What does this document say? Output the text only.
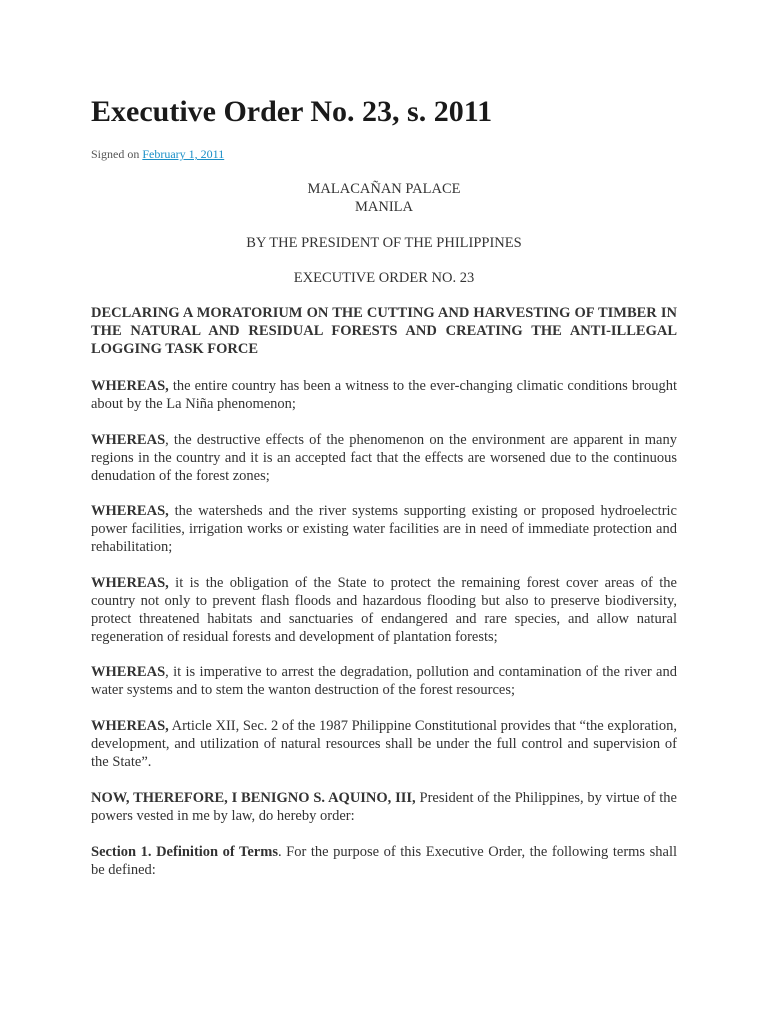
Executive Order No. 23, s. 2011
Signed on February 1, 2011
MALACAÑAN PALACE
MANILA
BY THE PRESIDENT OF THE PHILIPPINES
EXECUTIVE ORDER NO. 23

DECLARING A MORATORIUM ON THE CUTTING AND HARVESTING OF TIMBER IN THE NATURAL AND RESIDUAL FORESTS AND CREATING THE ANTI-ILLEGAL LOGGING TASK FORCE

WHEREAS, the entire country has been a witness to the ever-changing climatic conditions brought about by the La Niña phenomenon;

WHEREAS, the destructive effects of the phenomenon on the environment are apparent in many regions in the country and it is an accepted fact that the effects are worsened due to the continuous denudation of the forest zones;

WHEREAS, the watersheds and the river systems supporting existing or proposed hydroelectric power facilities, irrigation works or existing water facilities are in need of immediate protection and rehabilitation;

WHEREAS, it is the obligation of the State to protect the remaining forest cover areas of the country not only to prevent flash floods and hazardous flooding but also to preserve biodiversity, protect threatened habitats and sanctuaries of endangered and rare species, and allow natural regeneration of residual forests and development of plantation forests;

WHEREAS, it is imperative to arrest the degradation, pollution and contamination of the river and water systems and to stem the wanton destruction of the forest resources;

WHEREAS, Article XII, Sec. 2 of the 1987 Philippine Constitutional provides that “the exploration, development, and utilization of natural resources shall be under the full control and supervision of the State”.

NOW, THEREFORE, I BENIGNO S. AQUINO, III, President of the Philippines, by virtue of the powers vested in me by law, do hereby order:

Section 1. Definition of Terms. For the purpose of this Executive Order, the following terms shall be defined:
